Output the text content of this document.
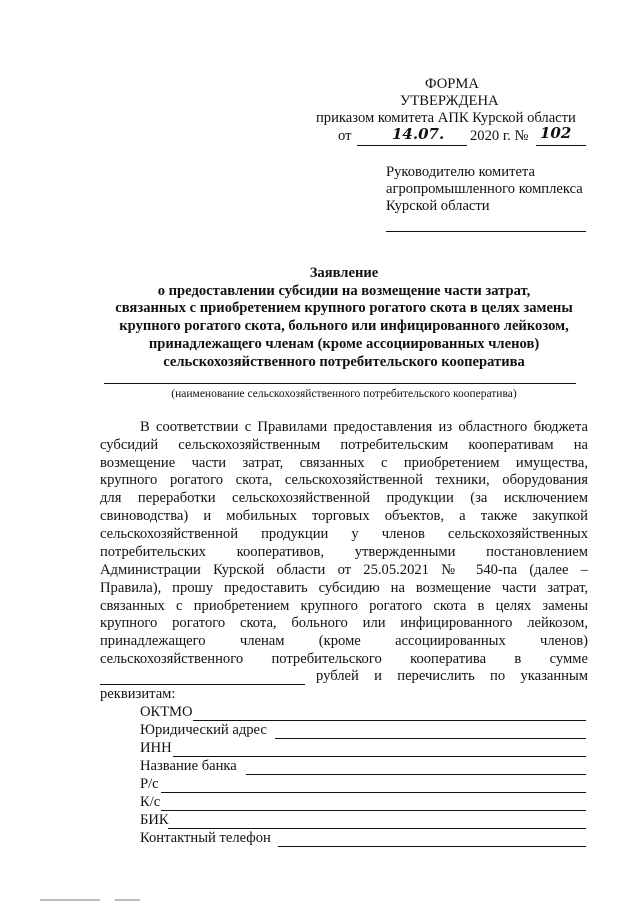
ФОРМА
УТВЕРЖДЕНА
приказом комитета АПК Курской области
от	14.07. 2020 г. № 102
Руководителю комитета
агропромышленного комплекса
Курской области
Заявление
о предоставлении субсидии на возмещение части затрат,
связанных с приобретением крупного рогатого скота в целях замены
крупного рогатого скота, больного или инфицированного лейкозом,
принадлежащего членам (кроме ассоциированных членов)
сельскохозяйственного потребительского кооператива
(наименование сельскохозяйственного потребительского кооператива)
В соответствии с Правилами предоставления из областного бюджета
субсидий сельскохозяйственным потребительским кооперативам на
возмещение части затрат, связанных с приобретением имущества,
крупного рогатого скота, сельскохозяйственной техники, оборудования
для переработки сельскохозяйственной продукции (за исключением
свиноводства) и мобильных торговых объектов, а также закупкой
сельскохозяйственной продукции у членов сельскохозяйственных
потребительских кооперативов, утвержденными постановлением
Администрации Курской области от 25.05.2021 № 540-па (далее –
Правила), прошу предоставить субсидию на возмещение части затрат,
связанных с приобретением крупного рогатого скота в целях замены
крупного рогатого скота, больного или инфицированного лейкозом,
принадлежащего членам (кроме ассоциированных членов)
сельскохозяйственного потребительского кооператива в сумме
рублей и перечислить по указанным
реквизитам:
ОКТМО
Юридический адрес
ИНН
Название банка
Р/с
К/с
БИК
Контактный телефон
